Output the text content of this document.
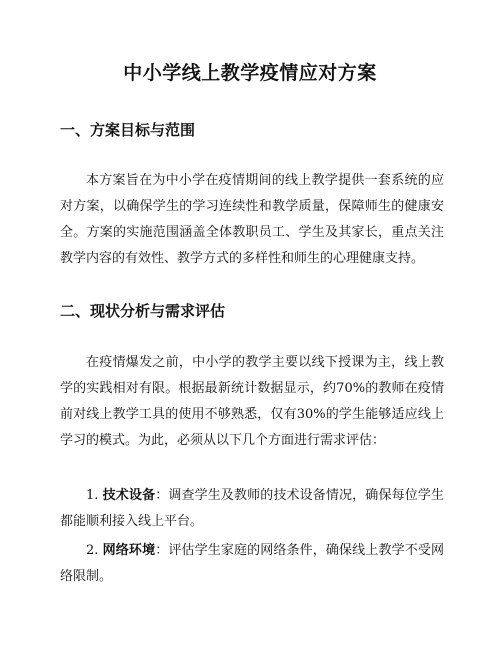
中小学线上教学疫情应对方案
一、方案目标与范围
本方案旨在为中小学在疫情期间的线上教学提供一套系统的应对方案，以确保学生的学习连续性和教学质量，保障师生的健康安全。方案的实施范围涵盖全体教职员工、学生及其家长，重点关注教学内容的有效性、教学方式的多样性和师生的心理健康支持。
二、现状分析与需求评估
在疫情爆发之前，中小学的教学主要以线下授课为主，线上教学的实践相对有限。根据最新统计数据显示，约70%的教师在疫情前对线上教学工具的使用不够熟悉，仅有30%的学生能够适应线上学习的模式。为此，必须从以下几个方面进行需求评估：
1. 技术设备：调查学生及教师的技术设备情况，确保每位学生都能顺利接入线上平台。
2. 网络环境：评估学生家庭的网络条件，确保线上教学不受网络限制。
